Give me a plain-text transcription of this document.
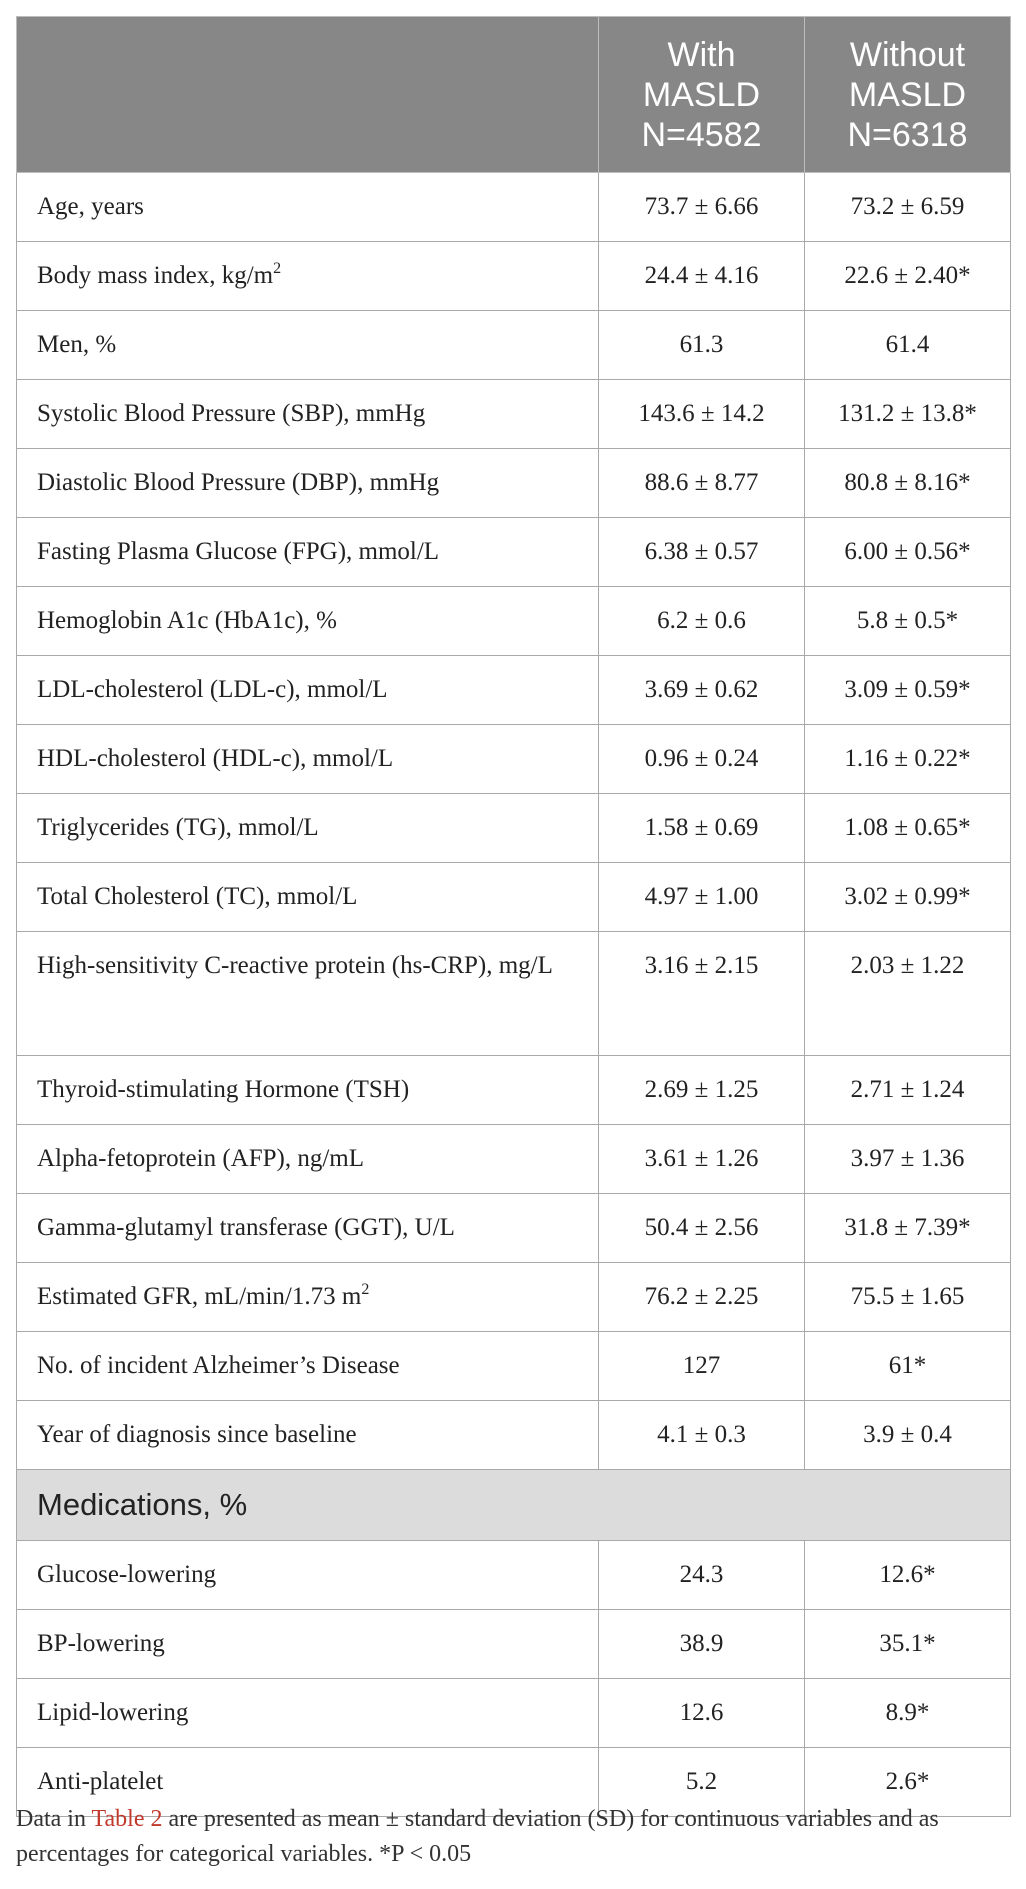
	With
MASLD
N=4582	Without
MASLD
N=6318

Age, years	73.7 ± 6.66	73.2 ± 6.59
Body mass index, $kg/m^2$	24.4 ± 4.16	22.6 ± 2.40*
Men, %	61.3	61.4
Systolic Blood Pressure (SBP), mmHg	143.6 ± 14.2	131.2 ± 13.8*
Diastolic Blood Pressure (DBP), mmHg	88.6 ± 8.77	80.8 ± 8.16*
Fasting Plasma Glucose (FPG), mmol/L	6.38 ± 0.57	6.00 ± 0.56*
Hemoglobin A1c (HbA1c), %	6.2 ± 0.6	5.8 ± 0.5*
LDL-cholesterol (LDL-c), mmol/L	3.69 ± 0.62	3.09 ± 0.59*
HDL-cholesterol (HDL-c), mmol/L	0.96 ± 0.24	1.16 ± 0.22*
Triglycerides (TG), mmol/L	1.58 ± 0.69	1.08 ± 0.65*
Total Cholesterol (TC), mmol/L	4.97 ± 1.00	3.02 ± 0.99*
High-sensitivity C-reactive protein (hs-CRP), mg/L	3.16 ± 2.15	2.03 ± 1.22
Thyroid-stimulating Hormone (TSH)	2.69 ± 1.25	2.71 ± 1.24
Alpha-fetoprotein (AFP), ng/mL	3.61 ± 1.26	3.97 ± 1.36
Gamma-glutamyl transferase (GGT), U/L	50.4 ± 2.56	31.8 ± 7.39*
Estimated GFR, mL/min/1.73 $m^2$	76.2 ± 2.25	75.5 ± 1.65
No. of incident Alzheimer’s Disease	127	61*
Year of diagnosis since baseline	4.1 ± 0.3	3.9 ± 0.4
Medications, %		
Glucose-lowering	24.3	12.6*
BP-lowering	38.9	35.1*
Lipid-lowering	12.6	8.9*
Anti-platelet	5.2	2.6*
Data in Table 2 are presented as mean ± standard deviation (SD) for continuous variables and as percentages for categorical variables. *P < 0.05
